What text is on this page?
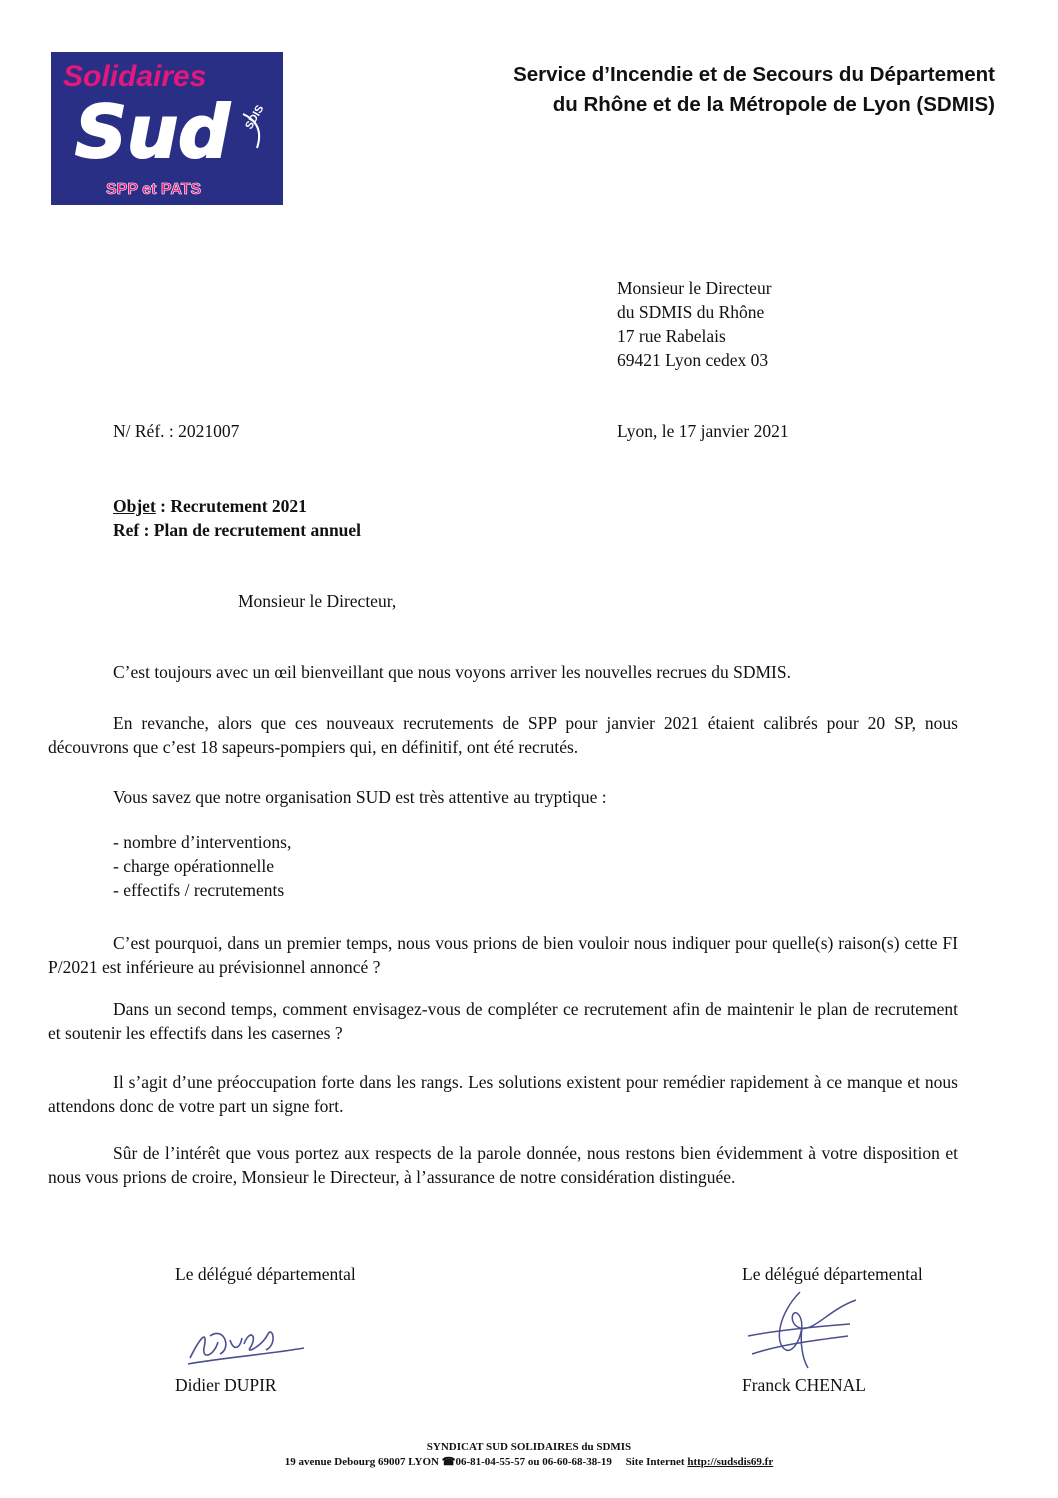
Solidaires
Sud SDIS
SPP et PATS
Service d’Incendie et de Secours du Département
du Rhône et de la Métropole de Lyon (SDMIS)
Monsieur le Directeur
du SDMIS du Rhône
17 rue Rabelais
69421 Lyon cedex 03
N/ Réf. : 2021007	Lyon, le 17 janvier 2021
Objet : Recrutement 2021
Ref : Plan de recrutement annuel
Monsieur le Directeur,
C’est toujours avec un œil bienveillant que nous voyons arriver les nouvelles recrues du SDMIS.
En revanche, alors que ces nouveaux recrutements de SPP pour janvier 2021 étaient calibrés pour 20 SP, nous découvrons que c’est 18 sapeurs-pompiers qui, en définitif, ont été recrutés.
Vous savez que notre organisation SUD est très attentive au tryptique :
- nombre d’interventions,
- charge opérationnelle
- effectifs / recrutements
C’est pourquoi, dans un premier temps, nous vous prions de bien vouloir nous indiquer pour quelle(s) raison(s) cette FI P/2021 est inférieure au prévisionnel annoncé ?
Dans un second temps, comment envisagez-vous de compléter ce recrutement afin de maintenir le plan de recrutement et soutenir les effectifs dans les casernes ?
Il s’agit d’une préoccupation forte dans les rangs. Les solutions existent pour remédier rapidement à ce manque et nous attendons donc de votre part un signe fort.
Sûr de l’intérêt que vous portez aux respects de la parole donnée, nous restons bien évidemment à votre disposition et nous vous prions de croire, Monsieur le Directeur, à l’assurance de notre considération distinguée.
Le délégué départemental	Le délégué départemental
Didier DUPIR	Franck CHENAL
SYNDICAT SUD SOLIDAIRES du SDMIS
19 avenue Debourg 69007 LYON ☎06-81-04-55-57 ou 06-60-68-38-19 Site Internet http://sudsdis69.fr
